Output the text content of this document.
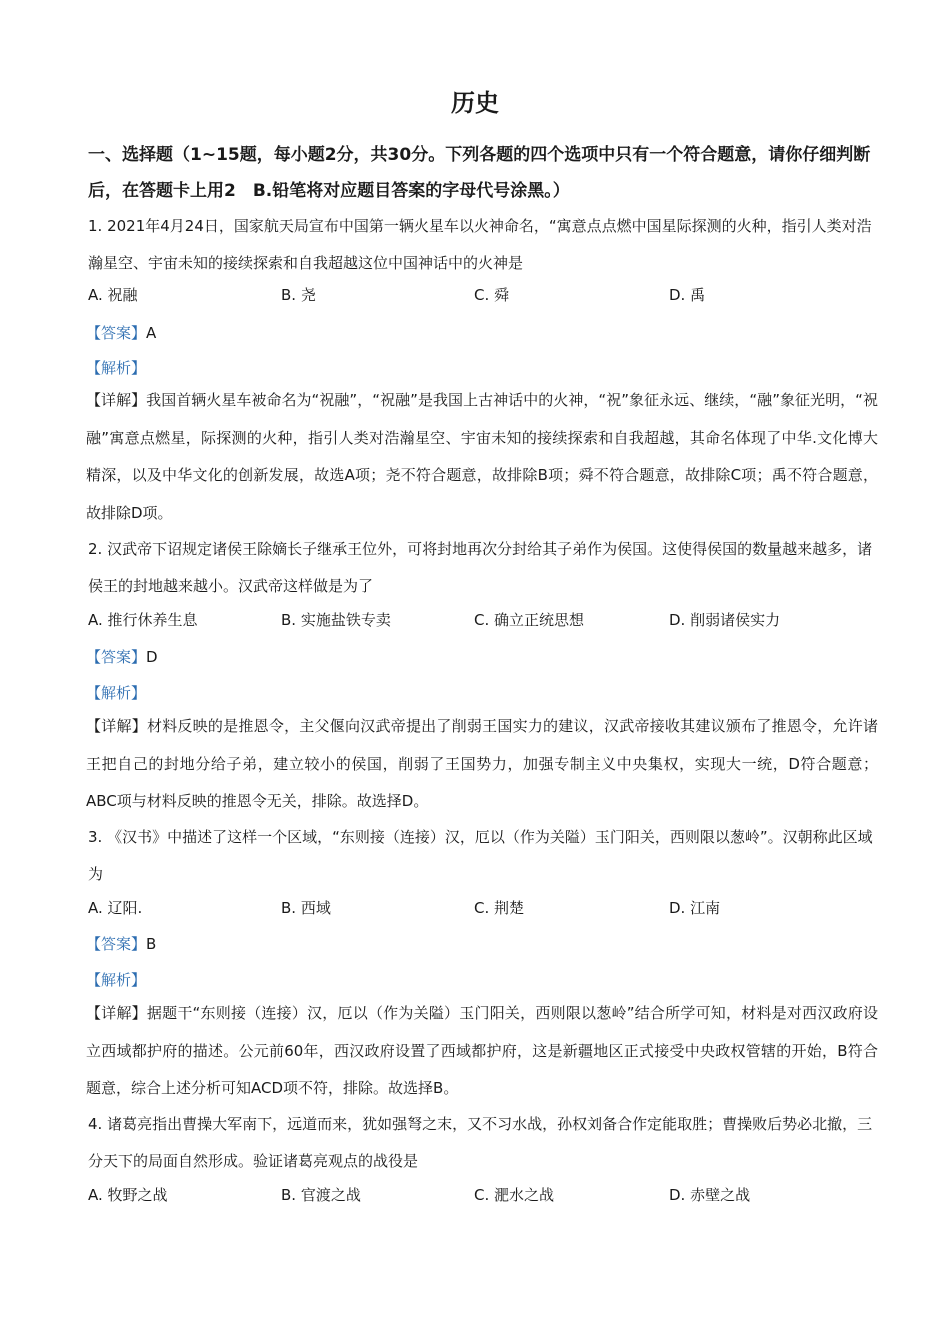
历史
一、选择题（1~15题，每小题2分，共30分。下列各题的四个选项中只有一个符合题意，请你仔细判断后，在答题卡上用2　B.铅笔将对应题目答案的字母代号涂黑。）
1. 2021年4月24日，国家航天局宣布中国第一辆火星车以火神命名，“寓意点点燃中国星际探测的火种，指引人类对浩瀚星空、宇宙未知的接续探索和自我超越这位中国神话中的火神是
A. 祝融	B. 尧	C. 舜	D. 禹
【答案】A
【解析】
【详解】我国首辆火星车被命名为“祝融”，“祝融”是我国上古神话中的火神，“祝”象征永远、继续，“融”象征光明，“祝融”寓意点燃星，际探测的火种，指引人类对浩瀚星空、宇宙未知的接续探索和自我超越，其命名体现了中华.文化博大精深，以及中华文化的创新发展，故选A项；尧不符合题意，故排除B项；舜不符合题意，故排除C项；禹不符合题意，故排除D项。
2. 汉武帝下诏规定诸侯王除嫡长子继承王位外，可将封地再次分封给其子弟作为侯国。这使得侯国的数量越来越多，诸侯王的封地越来越小。汉武帝这样做是为了
A. 推行休养生息	B. 实施盐铁专卖	C. 确立正统思想	D. 削弱诸侯实力
【答案】D
【解析】
【详解】材料反映的是推恩令，主父偃向汉武帝提出了削弱王国实力的建议，汉武帝接收其建议颁布了推恩令，允许诸王把自己的封地分给子弟，建立较小的侯国，削弱了王国势力，加强专制主义中央集权，实现大一统，D符合题意；ABC项与材料反映的推恩令无关，排除。故选择D。
3. 《汉书》中描述了这样一个区域，“东则接（连接）汉，厄以（作为关隘）玉门阳关，西则限以葱岭”。汉朝称此区域为
A. 辽阳.	B. 西域	C. 荆楚	D. 江南
【答案】B
【解析】
【详解】据题干“东则接（连接）汉，厄以（作为关隘）玉门阳关，西则限以葱岭”结合所学可知，材料是对西汉政府设立西域都护府的描述。公元前60年，西汉政府设置了西域都护府，这是新疆地区正式接受中央政权管辖的开始，B符合题意，综合上述分析可知ACD项不符，排除。故选择B。
4. 诸葛亮指出曹操大军南下，远道而来，犹如强弩之末，又不习水战，孙权刘备合作定能取胜；曹操败后势必北撤，三分天下的局面自然形成。验证诸葛亮观点的战役是
A. 牧野之战	B. 官渡之战	C. 淝水之战	D. 赤壁之战
